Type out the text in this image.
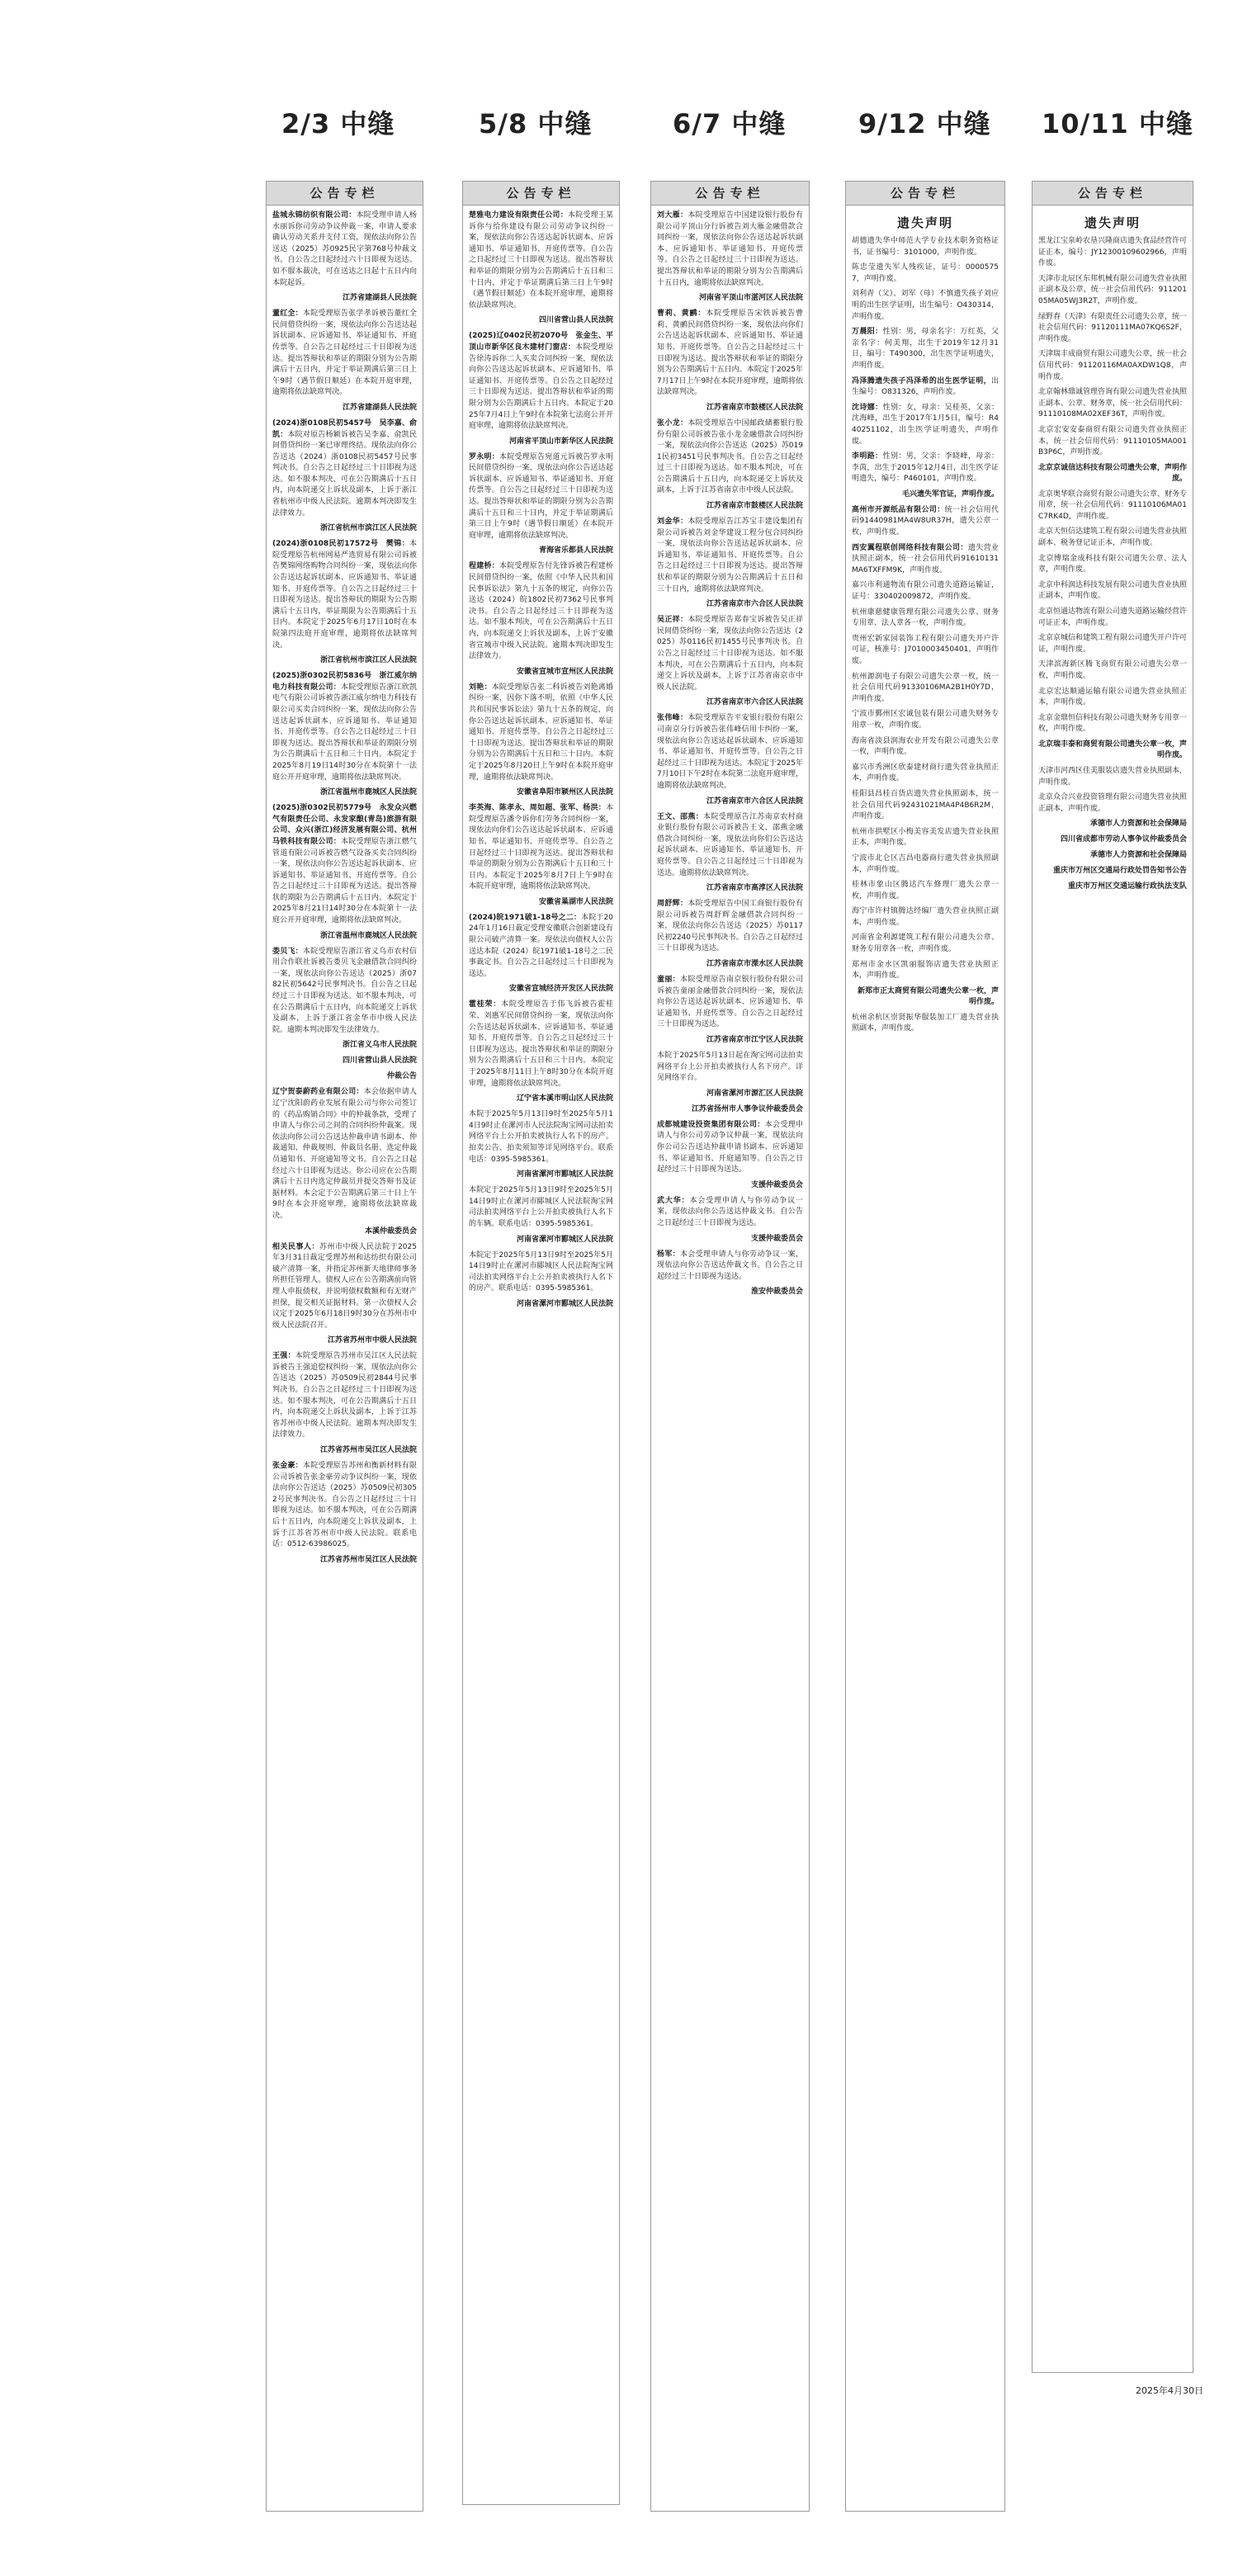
2/3 中缝	5/8 中缝	6/7 中缝	9/12 中缝 10/11 中缝
公告专栏
盐城永锦纺织有限公司：本院受理申请人杨水丽诉你司劳动争议仲裁一案，申请人要求确认劳动关系并支付工资，现依法向你公告送达（2025）苏0925民字第768号仲裁文书。自公告之日起经过六十日即视为送达。如不服本裁决，可在送达之日起十五日内向本院起诉。
江苏省建湖县人民法院
董红全：本院受理原告张学孝诉被告董红全民间借贷纠纷一案，现依法向你公告送达起诉状副本、应诉通知书、举证通知书、开庭传票等。自公告之日起经过三十日即视为送达。提出答辩状和举证的期限分别为公告期满后十五日内，并定于举证期满后第三日上午9时（遇节假日顺延）在本院开庭审理，逾期将依法缺席判决。
江苏省建湖县人民法院
(2024)浙0108民初5457号　吴李嘉、俞凯：本院对原告杨颖诉被告吴李嘉、俞凯民间借贷纠纷一案已审理终结。现依法向你公告送达（2024）浙0108民初5457号民事判决书。自公告之日起经过三十日即视为送达。如不服本判决，可在公告期满后十五日内，向本院递交上诉状及副本，上诉于浙江省杭州市中级人民法院。逾期本判决即发生法律效力。
浙江省杭州市滨江区人民法院
(2024)浙0108民初17572号　樊锦：本院受理原告杭州网易严选贸易有限公司诉被告樊锦网络购物合同纠纷一案，现依法向你公告送达起诉状副本、应诉通知书、举证通知书、开庭传票等。自公告之日起经过三十日即视为送达。提出答辩状的期限为公告期满后十五日内，举证期限为公告期满后十五日内。本院定于2025年6月17日10时在本院第四法庭开庭审理，逾期将依法缺席判决。
浙江省杭州市滨江区人民法院
(2025)浙0302民初5836号　浙江威尔纳电力科技有限公司：本院受理原告浙江欣凯电气有限公司诉被告浙江威尔纳电力科技有限公司买卖合同纠纷一案，现依法向你公告送达起诉状副本、应诉通知书、举证通知书、开庭传票等。自公告之日起经过三十日即视为送达。提出答辩状和举证的期限分别为公告期满后十五日和三十日内。本院定于2025年8月19日14时30分在本院第十一法庭公开开庭审理，逾期将依法缺席判决。
浙江省温州市鹿城区人民法院
(2025)浙0302民初5779号　永发众兴燃气有限责任公司、永发家酿(青岛)旅游有限公司、众兴(浙江)经济发展有限公司、杭州马铁科技有限公司：本院受理原告浙江燃气管道有限公司诉被告燃气设备买卖合同纠纷一案，现依法向你公告送达起诉状副本、应诉通知书、举证通知书、开庭传票等。自公告之日起经过三十日即视为送达。提出答辩状的期限为公告期满后十五日内。本院定于2025年8月21日14时30分在本院第十一法庭公开开庭审理，逾期将依法缺席判决。
浙江省温州市鹿城区人民法院
娄贝飞：本院受理原告浙江省义乌市农村信用合作联社诉被告娄贝飞金融借款合同纠纷一案，现依法向你公告送达（2025）浙0782民初5642号民事判决书。自公告之日起经过三十日即视为送达。如不服本判决，可在公告期满后十五日内，向本院递交上诉状及副本，上诉于浙江省金华市中级人民法院。逾期本判决即发生法律效力。
浙江省义乌市人民法院
四川省营山县人民法院
仲裁公告
辽宁贺泰蔚药业有限公司：本会依据申请人辽宁沈阳蔚药业发展有限公司与你公司签订的《药品购销合同》中的仲裁条款，受理了申请人与你公司之间的合同纠纷仲裁案。现依法向你公司公告送达仲裁申请书副本、仲裁通知、仲裁规则、仲裁员名册、选定仲裁员通知书、开庭通知等文书。自公告之日起经过六十日即视为送达。你公司应在公告期满后十五日内选定仲裁员并提交答辩书及证据材料。本会定于公告期满后第三十日上午9时在本会开庭审理，逾期将依法缺席裁决。
本溪仲裁委员会
相关民事人：苏州市中级人民法院于2025年3月31日裁定受理苏州和达纺织有限公司破产清算一案，并指定苏州新天地律师事务所担任管理人。债权人应在公告期满前向管理人申报债权，并说明债权数额和有无财产担保，提交相关证据材料。第一次债权人会议定于2025年6月18日9时30分在苏州市中级人民法院召开。
江苏省苏州市中级人民法院
王强：本院受理原告苏州市吴江区人民法院诉被告王强追偿权纠纷一案，现依法向你公告送达（2025）苏0509民初2844号民事判决书。自公告之日起经过三十日即视为送达。如不服本判决，可在公告期满后十五日内，向本院递交上诉状及副本，上诉于江苏省苏州市中级人民法院。逾期本判决即发生法律效力。
江苏省苏州市吴江区人民法院
张金豪：本院受理原告苏州和衡新材料有限公司诉被告张金豪劳动争议纠纷一案，现依法向你公告送达（2025）苏0509民初3052号民事判决书。自公告之日起经过三十日即视为送达。如不服本判决，可在公告期满后十五日内，向本院递交上诉状及副本，上诉于江苏省苏州市中级人民法院。联系电话：0512-63986025。
江苏省苏州市吴江区人民法院
公告专栏
楚雅电力建设有限责任公司：本院受理王某诉你与给你建设有限公司劳动争议纠纷一案，现依法向你公告送达起诉状副本、应诉通知书、举证通知书、开庭传票等。自公告之日起经过三十日即视为送达。提出答辩状和举证的期限分别为公告期满后十五日和三十日内，并定于举证期满后第三日上午9时（遇节假日顺延）在本院开庭审理，逾期将依法缺席判决。
四川省营山县人民法院
(2025)辽0402民初2070号　张金生、平顶山市新华区良木建材门窗店：本院受理原告徐涛诉你二人买卖合同纠纷一案，现依法向你公告送达起诉状副本、应诉通知书、举证通知书、开庭传票等。自公告之日起经过三十日即视为送达。提出答辩状和举证的期限分别为公告期满后十五日内。本院定于2025年7月4日上午9时在本院第七法庭公开开庭审理，逾期将依法缺席判决。
河南省平顶山市新华区人民法院
罗永明：本院受理原告宛道元诉被告罗永明民间借贷纠纷一案，现依法向你公告送达起诉状副本、应诉通知书、举证通知书、开庭传票等。自公告之日起经过三十日即视为送达。提出答辩状和举证的期限分别为公告期满后十五日和三十日内，并定于举证期满后第三日上午9时（遇节假日顺延）在本院开庭审理，逾期将依法缺席判决。
青海省乐都县人民法院
程建桥：本院受理原告付先锋诉被告程建桥民间借贷纠纷一案，依照《中华人民共和国民事诉讼法》第九十五条的规定，向你公告送达（2024）皖1802民初7362号民事判决书。自公告之日起经过三十日即视为送达。如不服本判决，可在公告期满后十五日内，向本院递交上诉状及副本，上诉于安徽省宣城市中级人民法院。逾期本判决即发生法律效力。
安徽省宣城市宣州区人民法院
刘艳：本院受理原告张二科诉被告刘艳离婚纠纷一案，因你下落不明，依照《中华人民共和国民事诉讼法》第九十五条的规定，向你公告送达起诉状副本、应诉通知书、举证通知书、开庭传票等。自公告之日起经过三十日即视为送达。提出答辩状和举证的期限分别为公告期满后十五日和三十日内。本院定于2025年8月20日上午9时在本院开庭审理，逾期将依法缺席判决。
安徽省阜阳市颍州区人民法院
李英海、陈孝永、周如超、张军、杨洪：本院受理原告潘令诉你们劳务合同纠纷一案，现依法向你们公告送达起诉状副本、应诉通知书、举证通知书、开庭传票等。自公告之日起经过三十日即视为送达。提出答辩状和举证的期限分别为公告期满后十五日和三十日内。本院定于2025年8月7日上午9时在本院开庭审理，逾期将依法缺席判决。
安徽省巢湖市人民法院
(2024)皖1971破1-18号之二：本院于2024年1月16日裁定受理安徽联合创新建设有限公司破产清算一案。现依法向债权人公告送达本院（2024）皖1971破1-18号之二民事裁定书。自公告之日起经过三十日即视为送达。
安徽省宣城经济开发区人民法院
霍桂荣：本院受理原告于伟飞诉被告霍桂荣、刘惠军民间借贷纠纷一案，现依法向你公告送达起诉状副本、应诉通知书、举证通知书、开庭传票等。自公告之日起经过三十日即视为送达。提出答辩状和举证的期限分别为公告期满后十五日和三十日内。本院定于2025年8月11日上午8时30分在本院开庭审理，逾期将依法缺席判决。
辽宁省本溪市明山区人民法院
本院于2025年5月13日9时至2025年5月14日9时止在漯河市人民法院淘宝网司法拍卖网络平台上公开拍卖被执行人名下的房产。拍卖公告、拍卖须知等详见网络平台。联系电话：0395-5985361。
河南省漯河市郾城区人民法院
本院定于2025年5月13日9时至2025年5月14日9时止在漯河市郾城区人民法院淘宝网司法拍卖网络平台上公开拍卖被执行人名下的车辆。联系电话：0395-5985361。
河南省漯河市郾城区人民法院
本院定于2025年5月13日9时至2025年5月14日9时止在漯河市郾城区人民法院淘宝网司法拍卖网络平台上公开拍卖被执行人名下的房产。联系电话：0395-5985361。
河南省漯河市郾城区人民法院
公告专栏
刘大雁：本院受理原告中国建设银行股份有限公司平顶山分行诉被告刘大雁金融借款合同纠纷一案，现依法向你公告送达起诉状副本、应诉通知书、举证通知书、开庭传票等。自公告之日起经过三十日即视为送达。提出答辩状和举证的期限分别为公告期满后十五日内，逾期将依法缺席判决。
河南省平顶山市湛河区人民法院
曹莉、黄鹂：本院受理原告宋铁诉被告曹莉、黄鹂民间借贷纠纷一案，现依法向你们公告送达起诉状副本、应诉通知书、举证通知书、开庭传票等。自公告之日起经过三十日即视为送达。提出答辩状和举证的期限分别为公告期满后十五日内。本院定于2025年7月17日上午9时在本院开庭审理，逾期将依法缺席判决。
江苏省南京市鼓楼区人民法院
张小龙：本院受理原告中国邮政储蓄银行股份有限公司诉被告张小龙金融借款合同纠纷一案，现依法向你公告送达（2025）苏0191民初3451号民事判决书。自公告之日起经过三十日即视为送达。如不服本判决，可在公告期满后十五日内，向本院递交上诉状及副本，上诉于江苏省南京市中级人民法院。
江苏省南京市鼓楼区人民法院
刘金华：本院受理原告江苏宝丰建设集团有限公司诉被告刘金华建设工程分包合同纠纷一案，现依法向你公告送达起诉状副本、应诉通知书、举证通知书、开庭传票等。自公告之日起经过三十日即视为送达。提出答辩状和举证的期限分别为公告期满后十五日和三十日内，逾期将依法缺席判决。
江苏省南京市六合区人民法院
吴正祥：本院受理原告郑春宝诉被告吴正祥民间借贷纠纷一案，现依法向你公告送达（2025）苏0116民初1455号民事判决书。自公告之日起经过三十日即视为送达。如不服本判决，可在公告期满后十五日内，向本院递交上诉状及副本，上诉于江苏省南京市中级人民法院。
江苏省南京市六合区人民法院
张伟峰：本院受理原告平安银行股份有限公司南京分行诉被告张伟峰信用卡纠纷一案，现依法向你公告送达起诉状副本、应诉通知书、举证通知书、开庭传票等。自公告之日起经过三十日即视为送达。本院定于2025年7月10日下午2时在本院第二法庭开庭审理，逾期将依法缺席判决。
江苏省南京市六合区人民法院
王文、邵燕：本院受理原告江苏南京农村商业银行股份有限公司诉被告王文、邵燕金融借款合同纠纷一案，现依法向你们公告送达起诉状副本、应诉通知书、举证通知书、开庭传票等。自公告之日起经过三十日即视为送达。逾期将依法缺席判决。
江苏省南京市高淳区人民法院
周舒辉：本院受理原告中国工商银行股份有限公司诉被告周舒辉金融借款合同纠纷一案，现依法向你公告送达（2025）苏0117民初2240号民事判决书。自公告之日起经过三十日即视为送达。
江苏省南京市溧水区人民法院
童丽：本院受理原告南京银行股份有限公司诉被告童丽金融借款合同纠纷一案，现依法向你公告送达起诉状副本、应诉通知书、举证通知书、开庭传票等。自公告之日起经过三十日即视为送达。
江苏省南京市江宁区人民法院
本院于2025年5月13日起在淘宝网司法拍卖网络平台上公开拍卖被执行人名下房产。详见网络平台。
河南省漯河市源汇区人民法院
江苏省扬州市人事争议仲裁委员会
成都城建设投资集团有限公司：本会受理申请人与你公司劳动争议仲裁一案，现依法向你公司公告送达仲裁申请书副本、应诉通知书、举证通知书、开庭通知等。自公告之日起经过三十日即视为送达。
支援仲裁委员会
武大华：本会受理申请人与你劳动争议一案，现依法向你公告送达仲裁文书。自公告之日起经过三十日即视为送达。
支援仲裁委员会
杨军：本会受理申请人与你劳动争议一案，现依法向你公告送达仲裁文书。自公告之日起经过三十日即视为送达。
淮安仲裁委员会
公告专栏
遗失声明
胡德遗失华中师范大学专业技术职务资格证书，证书编号：3101000，声明作废。
陈忠莹遗失军人残疾证，证号：00005757，声明作废。
刘利青（父）、刘军（母）不慎遗失孩子刘应明的出生医学证明，出生编号：O430314，声明作废。
万晨阳：性别：男，母亲名字：万红英，父亲名字：何美翔，出生于2019年12月31日，编号：T490300，出生医学证明遗失，声明作废。
冯泽腾遗失孩子冯泽希的出生医学证明，出生编号：O831326，声明作废。
沈诗娜：性别：女，母亲：吴桂英，父亲：沈海峰，出生于2017年1月5日，编号：R440251102，出生医学证明遗失，声明作废。
李明路：性别：男，父亲：李晓峰，母亲：李茵，出生于2015年12月4日，出生医学证明遗失，编号：P460101，声明作废。
毛兴遗失军官证，声明作废。
高州市开源纸品有限公司：统一社会信用代码91440981MA4W8UR37H，遗失公章一枚，声明作废。
西安翼程联创网络科技有限公司：遗失营业执照正副本，统一社会信用代码91610131MA6TXFFM9K，声明作废。
嘉兴市利通物流有限公司遗失道路运输证，证号：330402009872，声明作废。
杭州康慈健康管理有限公司遗失公章、财务专用章、法人章各一枚，声明作废。
贵州宏新家园装饰工程有限公司遗失开户许可证，核准号：J7010003450401，声明作废。
杭州源润电子有限公司遗失公章一枚，统一社会信用代码91330106MA2B1H0Y7D，声明作废。
宁波市鄞州区宏诚包装有限公司遗失财务专用章一枚，声明作废。
海南省淡县润海农业开发有限公司遗失公章一枚，声明作废。
嘉兴市秀洲区欣泰建材商行遗失营业执照正本，声明作废。
桂阳县昌桂百货店遗失营业执照副本，统一社会信用代码92431021MA4P4B6R2M，声明作废。
杭州市拱墅区小梅美容美发店遗失营业执照正本，声明作废。
宁波市北仑区吉昌电器商行遗失营业执照副本，声明作废。
桂林市象山区腾达汽车修理厂遗失公章一枚，声明作废。
海宁市许村镇腾达经编厂遗失营业执照正副本，声明作废。
河南省金利源建筑工程有限公司遗失公章、财务专用章各一枚，声明作废。
郑州市金水区凯丽服饰店遗失营业执照正本，声明作废。
新郑市正太商贸有限公司遗失公章一枚，声明作废。
杭州余杭区崇贤振华服装加工厂遗失营业执照副本，声明作废。
公告专栏
遗失声明
黑龙江宝泉岭农垦兴隆商店遗失食品经营许可证正本，编号：JY12300109602966，声明作废。
天津市北辰区东邦机械有限公司遗失营业执照正副本及公章，统一社会信用代码：91120105MA05WJ3R2T，声明作废。
绿野春（天津）有限责任公司遗失公章，统一社会信用代码：91120111MA07KQ6S2F，声明作废。
天津瑞丰成商贸有限公司遗失公章，统一社会信用代码：91120116MA0AXDW1Q8，声明作废。
北京翰林鼎诚管理咨询有限公司遗失营业执照正副本、公章、财务章，统一社会信用代码：91110108MA02XEF36T，声明作废。
北京宏安安泰商贸有限公司遗失营业执照正本，统一社会信用代码：91110105MA001B3P6C，声明作废。
北京京诚信达科技有限公司遗失公章，声明作废。
北京奥华联合商贸有限公司遗失公章、财务专用章，统一社会信用代码：91110106MA01C7RK4D，声明作废。
北京天恒信达建筑工程有限公司遗失营业执照副本、税务登记证正本，声明作废。
北京博瑞金成科技有限公司遗失公章、法人章，声明作废。
北京中科润达科技发展有限公司遗失营业执照正副本，声明作废。
北京恒通达物流有限公司遗失道路运输经营许可证正本，声明作废。
北京京城信和建筑工程有限公司遗失开户许可证，声明作废。
天津滨海新区腾飞商贸有限公司遗失公章一枚，声明作废。
北京宏达顺通运输有限公司遗失营业执照正本，声明作废。
北京金鼎恒信科技有限公司遗失财务专用章一枚，声明作废。
北京瑞丰泰和商贸有限公司遗失公章一枚，声明作废。
天津市河西区佳美服装店遗失营业执照副本，声明作废。
北京众合兴业投资管理有限公司遗失营业执照正副本，声明作废。
承德市人力资源和社会保障局
四川省成都市劳动人事争议仲裁委员会
承德市人力资源和社会保障局
重庆市万州区交通局行政处罚告知书公告
重庆市万州区交通运输行政执法支队
2025年4月30日
